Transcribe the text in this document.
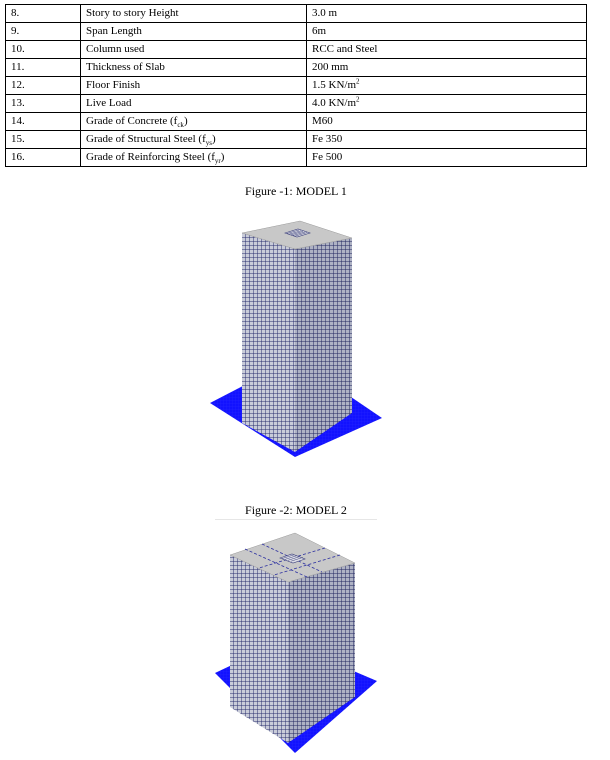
8.	Story to story Height	3.0 m
9.	Span Length	6m
10.	Column used	RCC and Steel
11.	Thickness of Slab	200 mm
12.	Floor Finish	1.5 $KN/m^2$
13.	Live Load	4.0 $KN/m^2$
14.	Grade of Concrete $(f_{ck})$	M60
15.	Grade of Structural Steel $(f_{ys})$	Fe 350
16.	Grade of Reinforcing Steel $(f_{yr})$	Fe 500
Figure -1: MODEL 1
Figure -2: MODEL 2
